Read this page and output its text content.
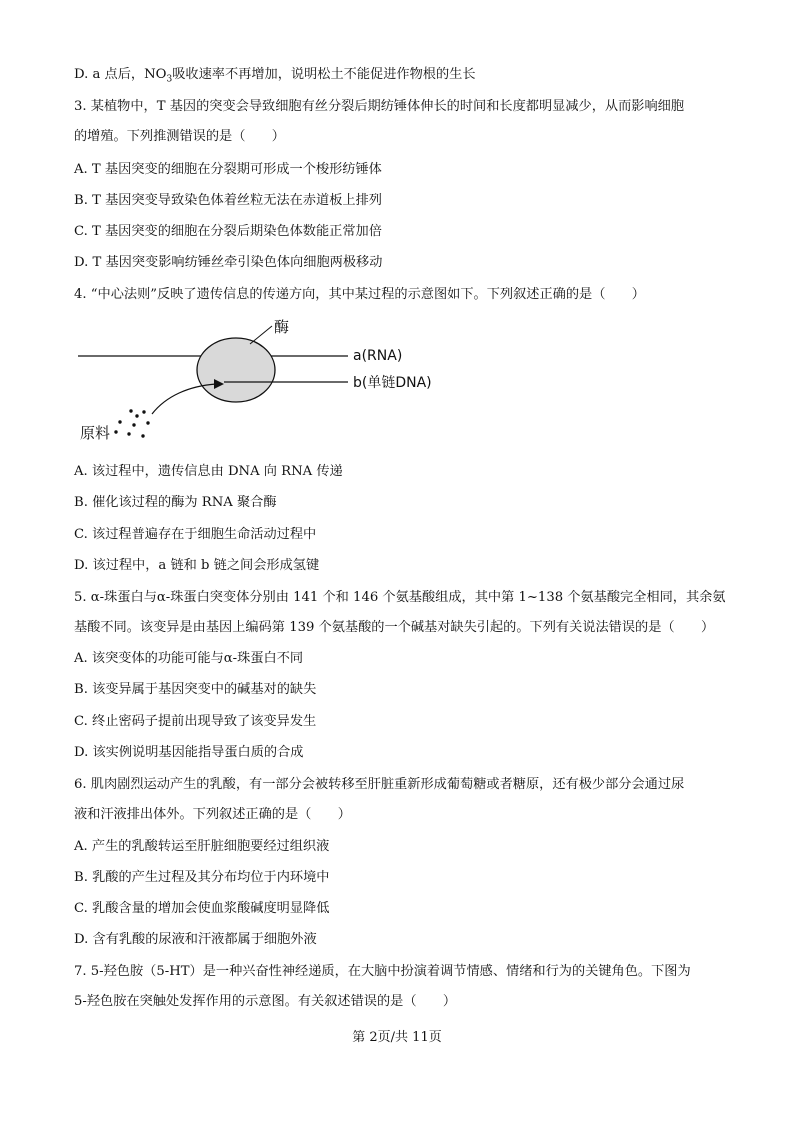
D. a 点后，$NO_3$吸收速率不再增加，说明松土不能促进作物根的生长
3. 某植物中，T 基因的突变会导致细胞有丝分裂后期纺锤体伸长的时间和长度都明显减少，从而影响细胞
的增殖。下列推测错误的是（　　）
A. T 基因突变的细胞在分裂期可形成一个梭形纺锤体
B. T 基因突变导致染色体着丝粒无法在赤道板上排列
C. T 基因突变的细胞在分裂后期染色体数能正常加倍
D. T 基因突变影响纺锤丝牵引染色体向细胞两极移动
4. “中心法则”反映了遗传信息的传递方向，其中某过程的示意图如下。下列叙述正确的是（　　）
酶
a(RNA)
b(单链DNA)
原料
A. 该过程中，遗传信息由 DNA 向 RNA 传递
B. 催化该过程的酶为 RNA 聚合酶
C. 该过程普遍存在于细胞生命活动过程中
D. 该过程中，a 链和 b 链之间会形成氢键
5. α-珠蛋白与α-珠蛋白突变体分别由 141 个和 146 个氨基酸组成，其中第 1~138 个氨基酸完全相同，其余氨
基酸不同。该变异是由基因上编码第 139 个氨基酸的一个碱基对缺失引起的。下列有关说法错误的是（　　）
A. 该突变体的功能可能与α-珠蛋白不同
B. 该变异属于基因突变中的碱基对的缺失
C. 终止密码子提前出现导致了该变异发生
D. 该实例说明基因能指导蛋白质的合成
6. 肌肉剧烈运动产生的乳酸，有一部分会被转移至肝脏重新形成葡萄糖或者糖原，还有极少部分会通过尿
液和汗液排出体外。下列叙述正确的是（　　）
A. 产生的乳酸转运至肝脏细胞要经过组织液
B. 乳酸的产生过程及其分布均位于内环境中
C. 乳酸含量的增加会使血浆酸碱度明显降低
D. 含有乳酸的尿液和汗液都属于细胞外液
7. 5-羟色胺（5-HT）是一种兴奋性神经递质，在大脑中扮演着调节情感、情绪和行为的关键角色。下图为
5-羟色胺在突触处发挥作用的示意图。有关叙述错误的是（　　）
第 2页/共 11页
